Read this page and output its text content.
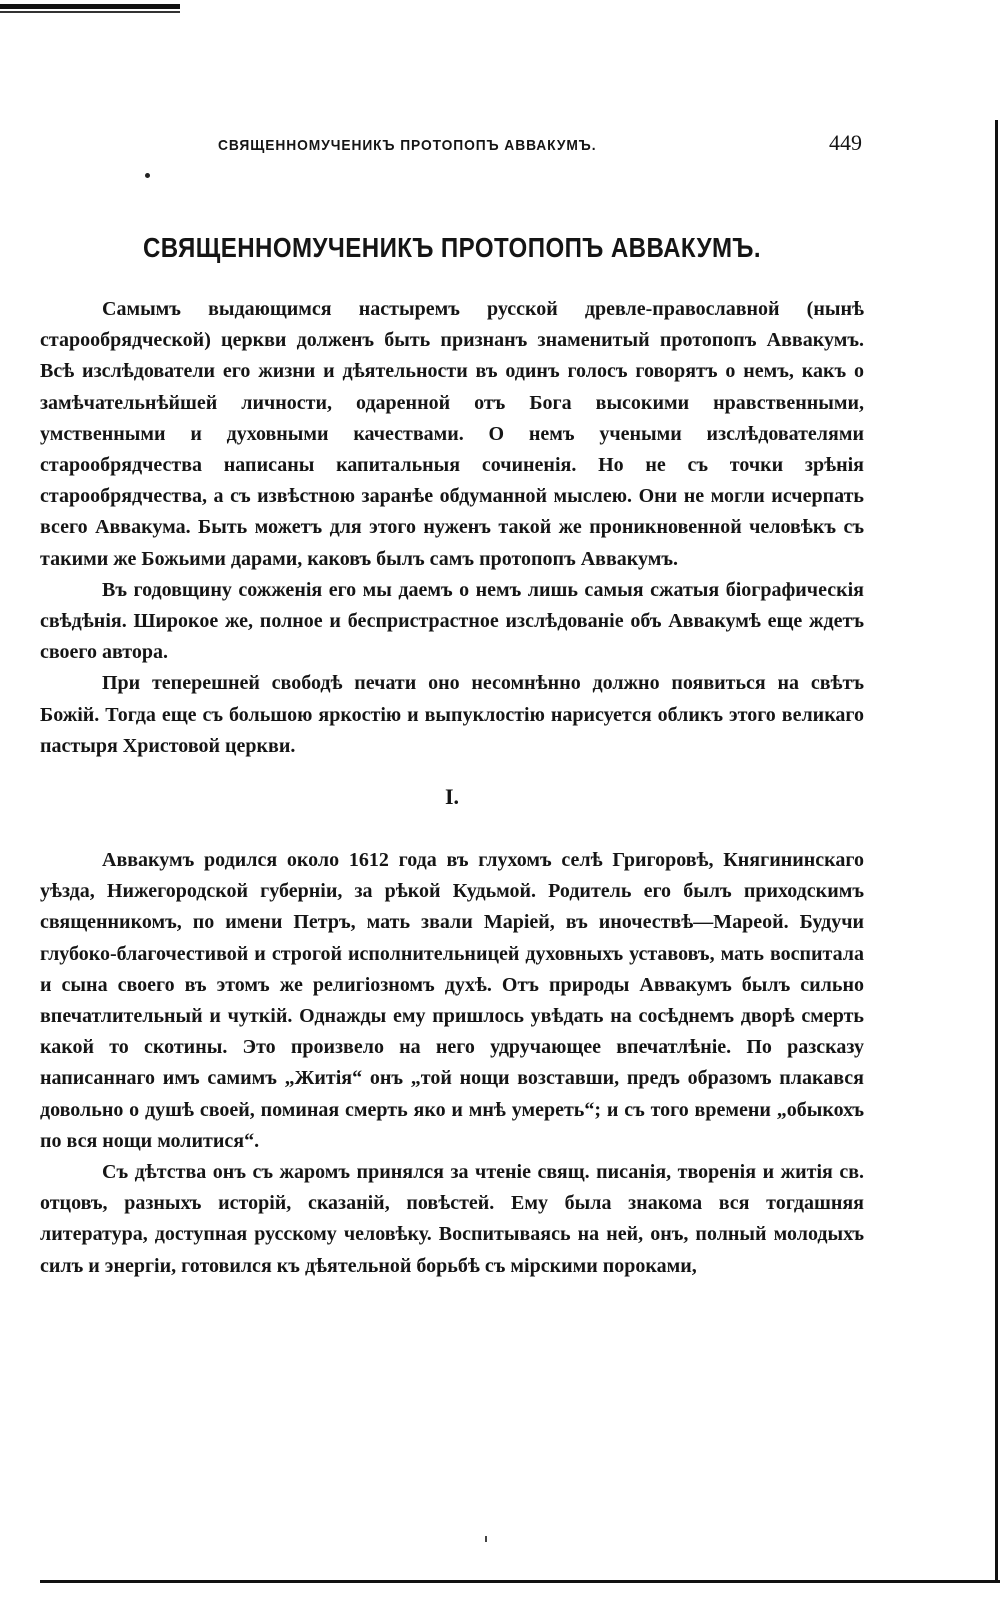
СВЯЩЕННОМУЧЕНИКЪ ПРОТОПОПЪ АВВАКУМЪ.	449
СВЯЩЕННОМУЧЕНИКЪ ПРОТОПОПЪ АВВАКУМЪ.

Самымъ выдающимся настыремъ русской древле-православной (нынѣ старообрядческой) церкви долженъ быть признанъ знаменитый протопопъ Аввакумъ. Всѣ изслѣдователи его жизни и дѣятельности въ одинъ голосъ говорятъ о немъ, какъ о замѣчательнѣйшей личности, одаренной отъ Бога высокими нравственными, умственными и духовными качествами. О немъ учеными изслѣдователями старообрядчества написаны капитальныя сочиненія. Но не съ точки зрѣнія старообрядчества, а съ извѣстною заранѣе обдуманной мыслею. Они не могли исчерпать всего Аввакума. Быть можетъ для этого нуженъ такой же проникновенной человѣкъ съ такими же Божьими дарами, каковъ былъ самъ протопопъ Аввакумъ.

Въ годовщину сожженія его мы даемъ о немъ лишь самыя сжатыя біографическія свѣдѣнія. Широкое же, полное и беспристрастное изслѣдованіе объ Аввакумѣ еще ждетъ своего автора.

При теперешней свободѣ печати оно несомнѣнно должно появиться на свѣтъ Божій. Тогда еще съ большою яркостію и выпуклостію нарисуется обликъ этого великаго пастыря Христовой церкви.

I.

Аввакумъ родился около 1612 года въ глухомъ селѣ Григоровѣ, Княгининскаго уѣзда, Нижегородской губерніи, за рѣкой Кудьмой. Родитель его былъ приходскимъ священникомъ, по имени Петръ, мать звали Маріей, въ иночествѣ—Мареой. Будучи глубоко-благочестивой и строгой исполнительницей духовныхъ уставовъ, мать воспитала и сына своего въ этомъ же религіозномъ духѣ. Отъ природы Аввакумъ былъ сильно впечатлительный и чуткій. Однажды ему пришлось увѣдать на сосѣднемъ дворѣ смерть какой то скотины. Это произвело на него удручающее впечатлѣніе. По разсказу написаннаго имъ самимъ „Житія“ онъ „той нощи возставши, предъ образомъ плакався довольно о душѣ своей, поминая смерть яко и мнѣ умереть“; и съ того времени „обыкохъ по вся нощи молитися“.

Съ дѣтства онъ съ жаромъ принялся за чтеніе свящ. писанія, творенія и житія св. отцовъ, разныхъ исторій, сказаній, повѣстей. Ему была знакома вся тогдашняя литература, доступная русскому человѣку. Воспитываясь на ней, онъ, полный молодыхъ силъ и энергіи, готовился къ дѣятельной борьбѣ съ мірскими пороками,
